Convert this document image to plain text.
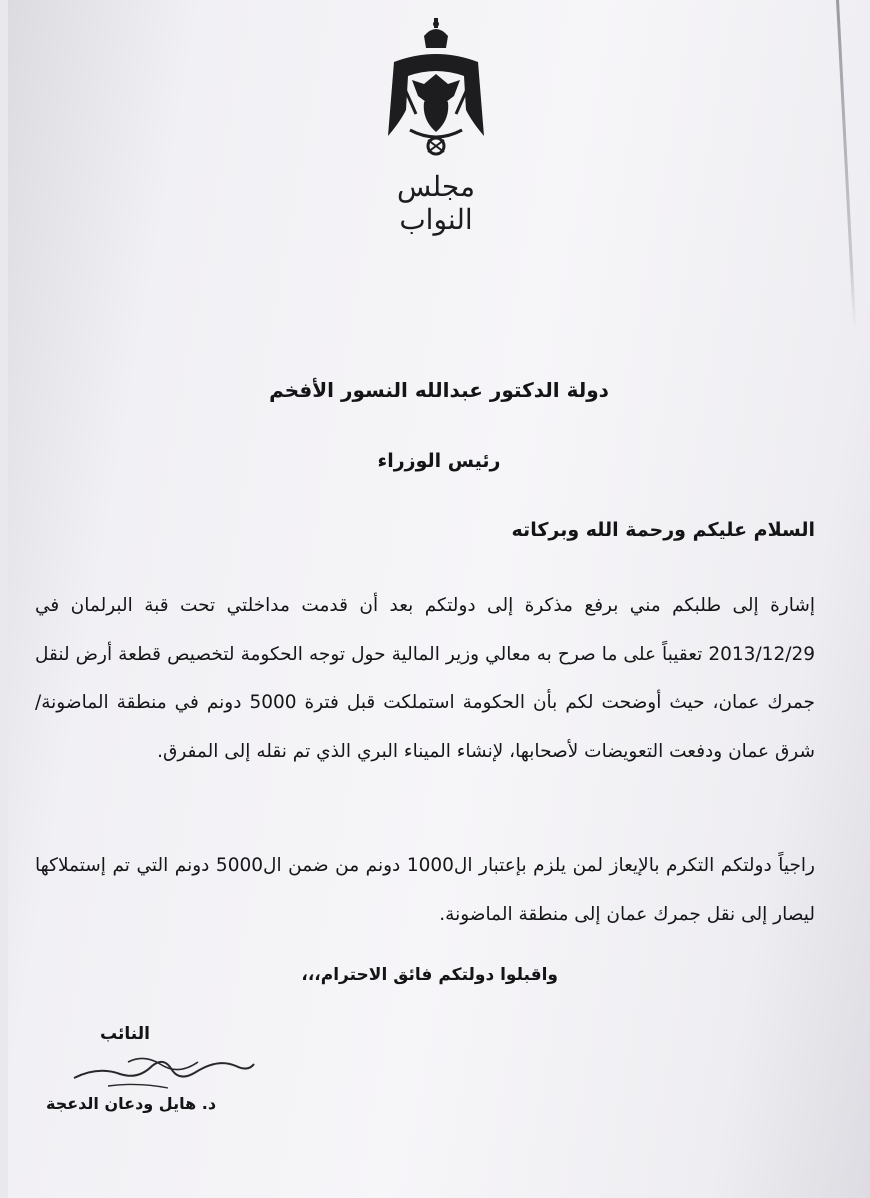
مجلس النواب
دولة الدكتور عبدالله النسور الأفخم
رئيس الوزراء
السلام عليكم ورحمة الله وبركاته
إشارة إلى طلبكم مني برفع مذكرة إلى دولتكم بعد أن قدمت مداخلتي تحت قبة البرلمان في 2013/12/29 تعقيباً على ما صرح به معالي وزير المالية حول توجه الحكومة لتخصيص قطعة أرض لنقل جمرك عمان، حيث أوضحت لكم بأن الحكومة استملكت قبل فترة 5000 دونم في منطقة الماضونة/شرق عمان ودفعت التعويضات لأصحابها، لإنشاء الميناء البري الذي تم نقله إلى المفرق.
راجياً دولتكم التكرم بالإيعاز لمن يلزم بإعتبار ال1000 دونم من ضمن ال5000 دونم التي تم إستملاكها ليصار إلى نقل جمرك عمان إلى منطقة الماضونة.
واقبلوا دولتكم فائق الاحترام،،،
النائب
د. هايل ودعان الدعجة
